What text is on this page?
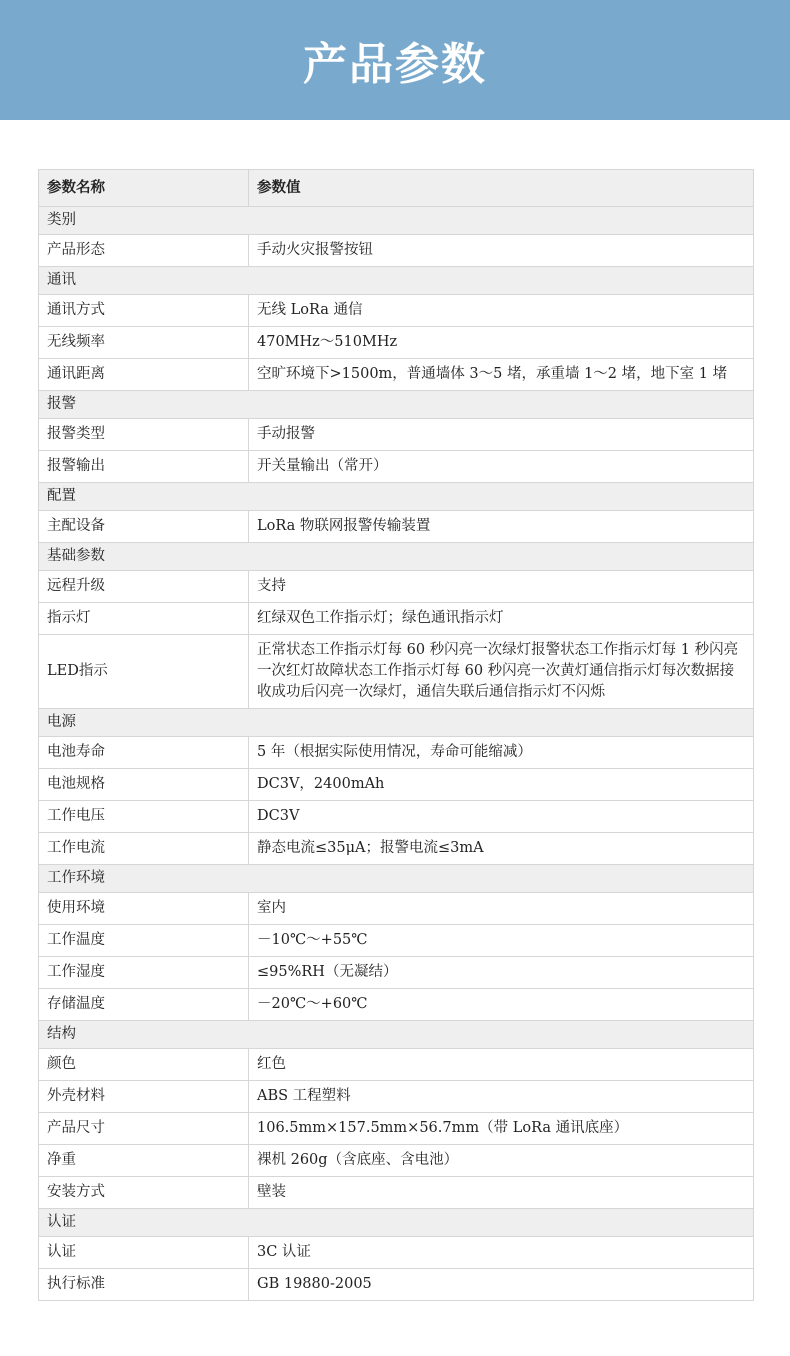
产品参数
参数名称	参数值
类别	
产品形态	手动火灾报警按钮
通讯	
通讯方式	无线 LoRa 通信
无线频率	470MHz～510MHz
通讯距离	空旷环境下>1500m，普通墙体 3～5 堵，承重墙 1～2 堵，地下室 1 堵
报警	
报警类型	手动报警
报警输出	开关量输出（常开）
配置	
主配设备	LoRa 物联网报警传输装置
基础参数	
远程升级	支持
指示灯	红绿双色工作指示灯；绿色通讯指示灯
LED指示	正常状态工作指示灯每 60 秒闪亮一次绿灯报警状态工作指示灯每 1 秒闪亮一次红灯故障状态工作指示灯每 60 秒闪亮一次黄灯通信指示灯每次数据接收成功后闪亮一次绿灯，通信失联后通信指示灯不闪烁
电源	
电池寿命	5 年（根据实际使用情况，寿命可能缩减）
电池规格	DC3V，2400mAh
工作电压	DC3V
工作电流	静态电流≤35μA；报警电流≤3mA
工作环境	
使用环境	室内
工作温度	－10℃～+55℃
工作湿度	≤95%RH（无凝结）
存储温度	－20℃～+60℃
结构	
颜色	红色
外壳材料	ABS 工程塑料
产品尺寸	106.5mm×157.5mm×56.7mm（带 LoRa 通讯底座）
净重	裸机 260g（含底座、含电池）
安装方式	壁装
认证	
认证	3C 认证
执行标准	GB 19880-2005
